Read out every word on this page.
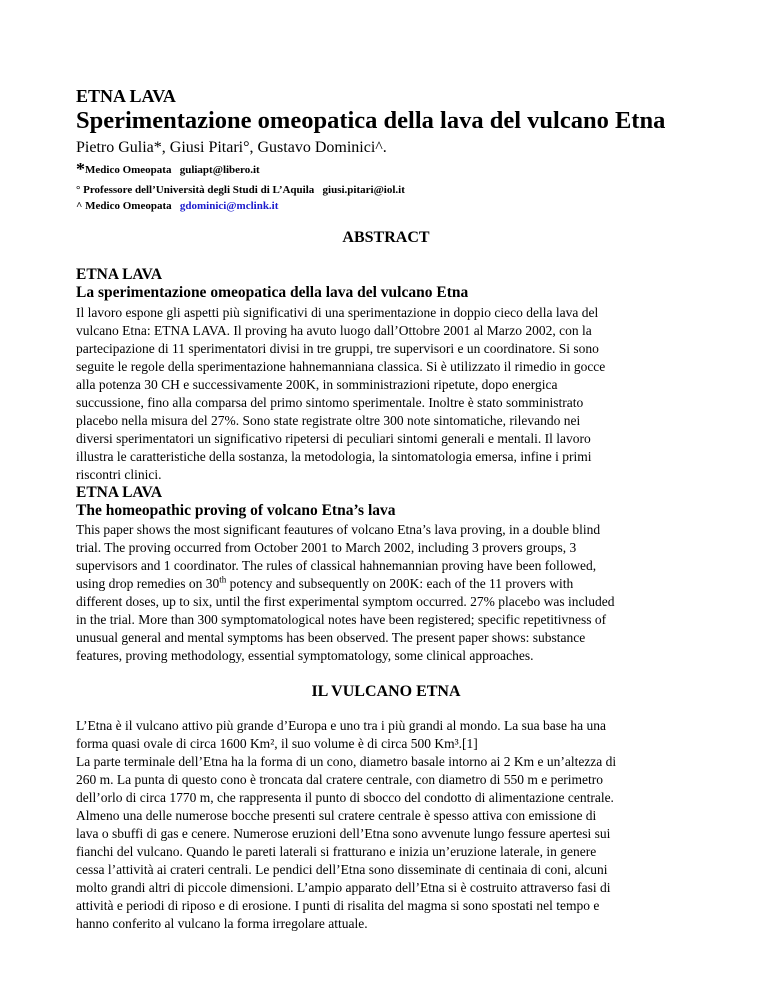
ETNA LAVA
Sperimentazione omeopatica della lava del vulcano Etna
Pietro Gulia*, Giusi Pitari°, Gustavo Dominici^.
*Medico Omeopata guliapt@libero.it
° Professore dell’Università degli Studi di L’Aquila giusi.pitari@iol.it
^ Medico Omeopata gdominici@mclink.it
ABSTRACT
ETNA LAVA
La sperimentazione omeopatica della lava del vulcano Etna
Il lavoro espone gli aspetti più significativi di una sperimentazione in doppio cieco della lava del
vulcano Etna: ETNA LAVA. Il proving ha avuto luogo dall’Ottobre 2001 al Marzo 2002, con la
partecipazione di 11 sperimentatori divisi in tre gruppi, tre supervisori e un coordinatore. Si sono
seguite le regole della sperimentazione hahnemanniana classica. Si è utilizzato il rimedio in gocce
alla potenza 30 CH e successivamente 200K, in somministrazioni ripetute, dopo energica
succussione, fino alla comparsa del primo sintomo sperimentale. Inoltre è stato somministrato
placebo nella misura del 27%. Sono state registrate oltre 300 note sintomatiche, rilevando nei
diversi sperimentatori un significativo ripetersi di peculiari sintomi generali e mentali. Il lavoro
illustra le caratteristiche della sostanza, la metodologia, la sintomatologia emersa, infine i primi
riscontri clinici.
ETNA LAVA
The homeopathic proving of volcano Etna’s lava
This paper shows the most significant feautures of volcano Etna’s lava proving, in a double blind
trial. The proving occurred from October 2001 to March 2002, including 3 provers groups, 3
supervisors and 1 coordinator. The rules of classical hahnemannian proving have been followed,
using drop remedies on 30th potency and subsequently on 200K: each of the 11 provers with
different doses, up to six, until the first experimental symptom occurred. 27% placebo was included
in the trial. More than 300 symptomatological notes have been registered; specific repetitivness of
unusual general and mental symptoms has been observed. The present paper shows: substance
features, proving methodology, essential symptomatology, some clinical approaches.
IL VULCANO ETNA
L’Etna è il vulcano attivo più grande d’Europa e uno tra i più grandi al mondo. La sua base ha una
forma quasi ovale di circa 1600 Km², il suo volume è di circa 500 Km³.[1]
La parte terminale dell’Etna ha la forma di un cono, diametro basale intorno ai 2 Km e un’altezza di
260 m. La punta di questo cono è troncata dal cratere centrale, con diametro di 550 m e perimetro
dell’orlo di circa 1770 m, che rappresenta il punto di sbocco del condotto di alimentazione centrale.
Almeno una delle numerose bocche presenti sul cratere centrale è spesso attiva con emissione di
lava o sbuffi di gas e cenere. Numerose eruzioni dell’Etna sono avvenute lungo fessure apertesi sui
fianchi del vulcano. Quando le pareti laterali si fratturano e inizia un’eruzione laterale, in genere
cessa l’attività ai crateri centrali. Le pendici dell’Etna sono disseminate di centinaia di coni, alcuni
molto grandi altri di piccole dimensioni. L’ampio apparato dell’Etna si è costruito attraverso fasi di
attività e periodi di riposo e di erosione. I punti di risalita del magma si sono spostati nel tempo e
hanno conferito al vulcano la forma irregolare attuale.
